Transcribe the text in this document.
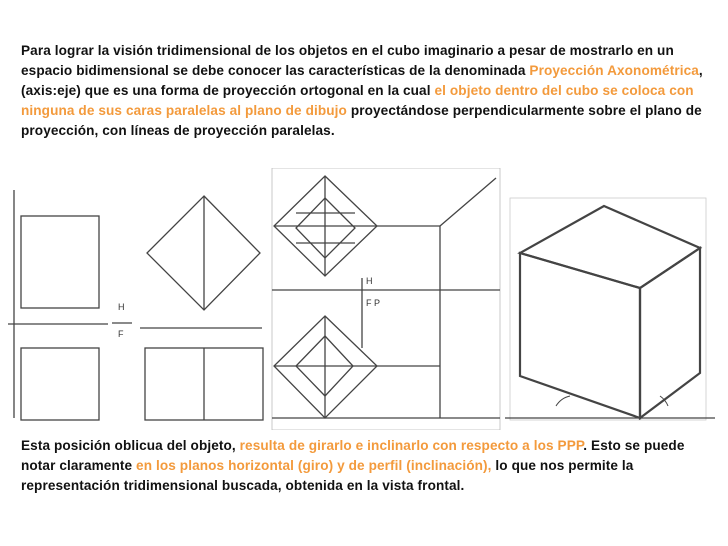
Para lograr la visión tridimensional de los objetos en el cubo imaginario a pesar de mostrarlo en un espacio bidimensional se debe conocer las características de la denominada Proyección Axonométrica, (axis:eje) que es una forma de proyección ortogonal en la cual el objeto dentro del cubo se coloca con ninguna de sus caras paralelas al plano de dibujo proyectándose perpendicularmente sobre el plano de proyección, con líneas de proyección paralelas.
H
F
H
F P
Esta posición oblicua del objeto, resulta de girarlo e inclinarlo con respecto a los PPP. Esto se puede notar claramente en los planos horizontal (giro) y de perfil (inclinación), lo que nos permite la representación tridimensional buscada, obtenida en la vista frontal.
